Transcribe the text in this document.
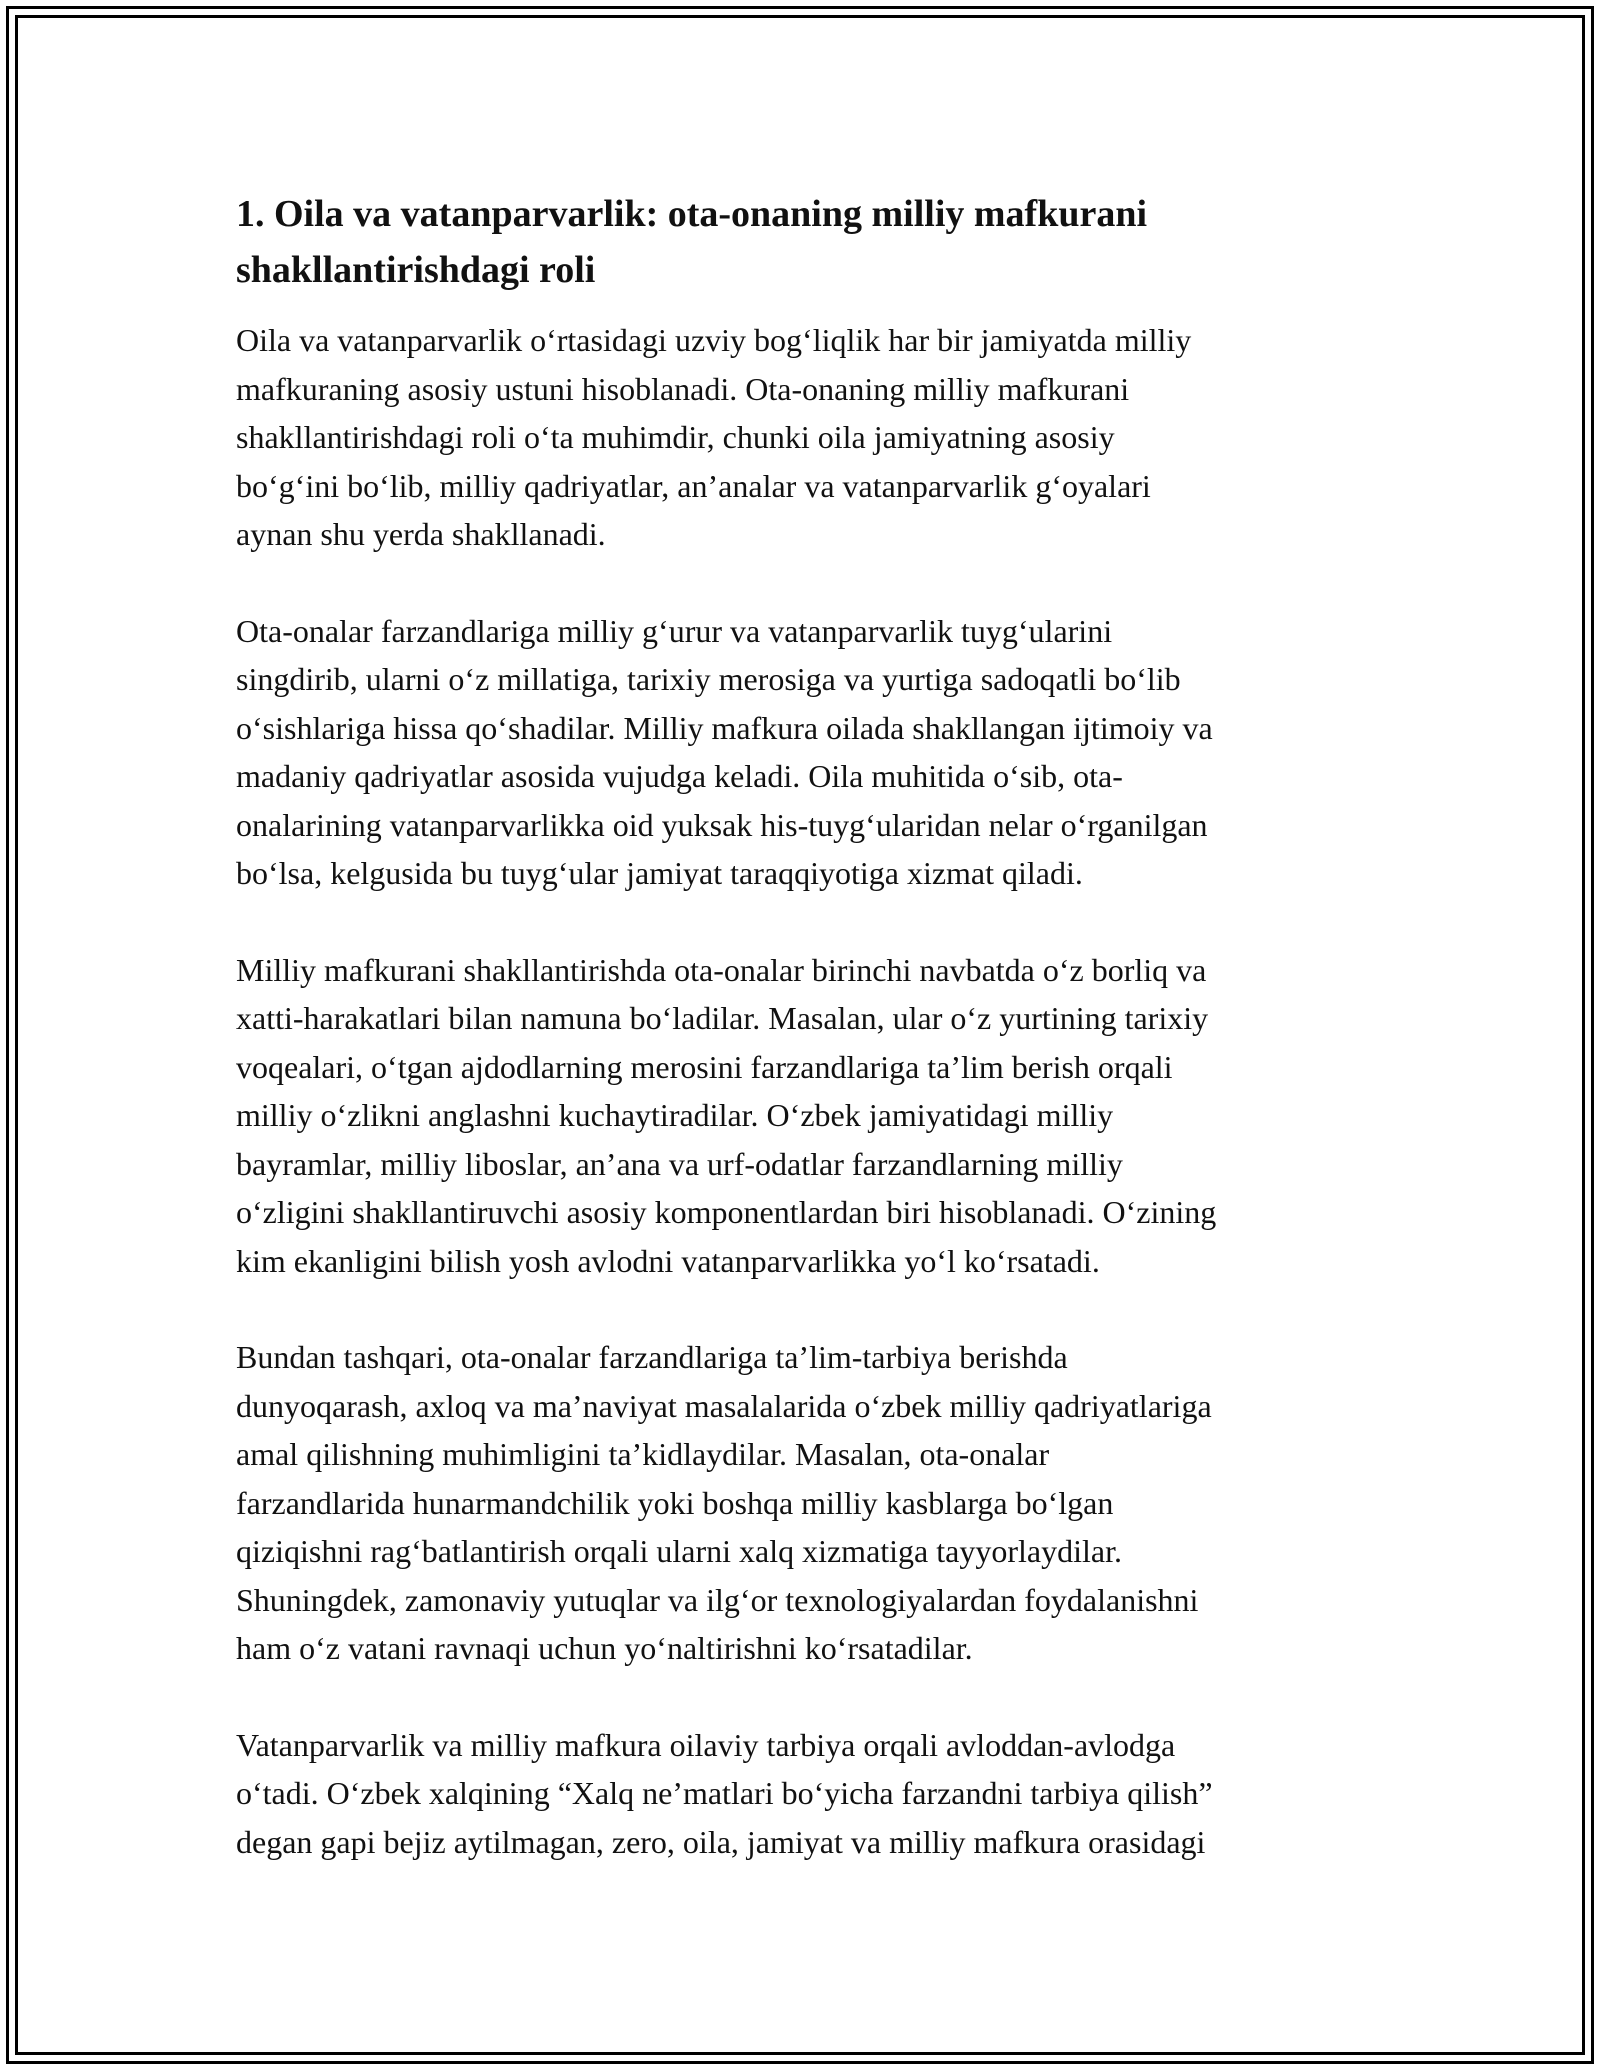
1. Oila va vatanparvarlik: ota-onaning milliy mafkurani
shakllantirishdagi roli

Oila va vatanparvarlik o‘rtasidagi uzviy bog‘liqlik har bir jamiyatda milliy
mafkuraning asosiy ustuni hisoblanadi. Ota-onaning milliy mafkurani
shakllantirishdagi roli o‘ta muhimdir, chunki oila jamiyatning asosiy
bo‘g‘ini bo‘lib, milliy qadriyatlar, an’analar va vatanparvarlik g‘oyalari
aynan shu yerda shakllanadi.

Ota-onalar farzandlariga milliy g‘urur va vatanparvarlik tuyg‘ularini
singdirib, ularni o‘z millatiga, tarixiy merosiga va yurtiga sadoqatli bo‘lib
o‘sishlariga hissa qo‘shadilar. Milliy mafkura oilada shakllangan ijtimoiy va
madaniy qadriyatlar asosida vujudga keladi. Oila muhitida o‘sib, ota-
onalarining vatanparvarlikka oid yuksak his-tuyg‘ularidan nelar o‘rganilgan
bo‘lsa, kelgusida bu tuyg‘ular jamiyat taraqqiyotiga xizmat qiladi.

Milliy mafkurani shakllantirishda ota-onalar birinchi navbatda o‘z borliq va
xatti-harakatlari bilan namuna bo‘ladilar. Masalan, ular o‘z yurtining tarixiy
voqealari, o‘tgan ajdodlarning merosini farzandlariga ta’lim berish orqali
milliy o‘zlikni anglashni kuchaytiradilar. O‘zbek jamiyatidagi milliy
bayramlar, milliy liboslar, an’ana va urf-odatlar farzandlarning milliy
o‘zligini shakllantiruvchi asosiy komponentlardan biri hisoblanadi. O‘zining
kim ekanligini bilish yosh avlodni vatanparvarlikka yo‘l ko‘rsatadi.

Bundan tashqari, ota-onalar farzandlariga ta’lim-tarbiya berishda
dunyoqarash, axloq va ma’naviyat masalalarida o‘zbek milliy qadriyatlariga
amal qilishning muhimligini ta’kidlaydilar. Masalan, ota-onalar
farzandlarida hunarmandchilik yoki boshqa milliy kasblarga bo‘lgan
qiziqishni rag‘batlantirish orqali ularni xalq xizmatiga tayyorlaydilar.
Shuningdek, zamonaviy yutuqlar va ilg‘or texnologiyalardan foydalanishni
ham o‘z vatani ravnaqi uchun yo‘naltirishni ko‘rsatadilar.

Vatanparvarlik va milliy mafkura oilaviy tarbiya orqali avloddan-avlodga
o‘tadi. O‘zbek xalqining “Xalq ne’matlari bo‘yicha farzandni tarbiya qilish”
degan gapi bejiz aytilmagan, zero, oila, jamiyat va milliy mafkura orasidagi
